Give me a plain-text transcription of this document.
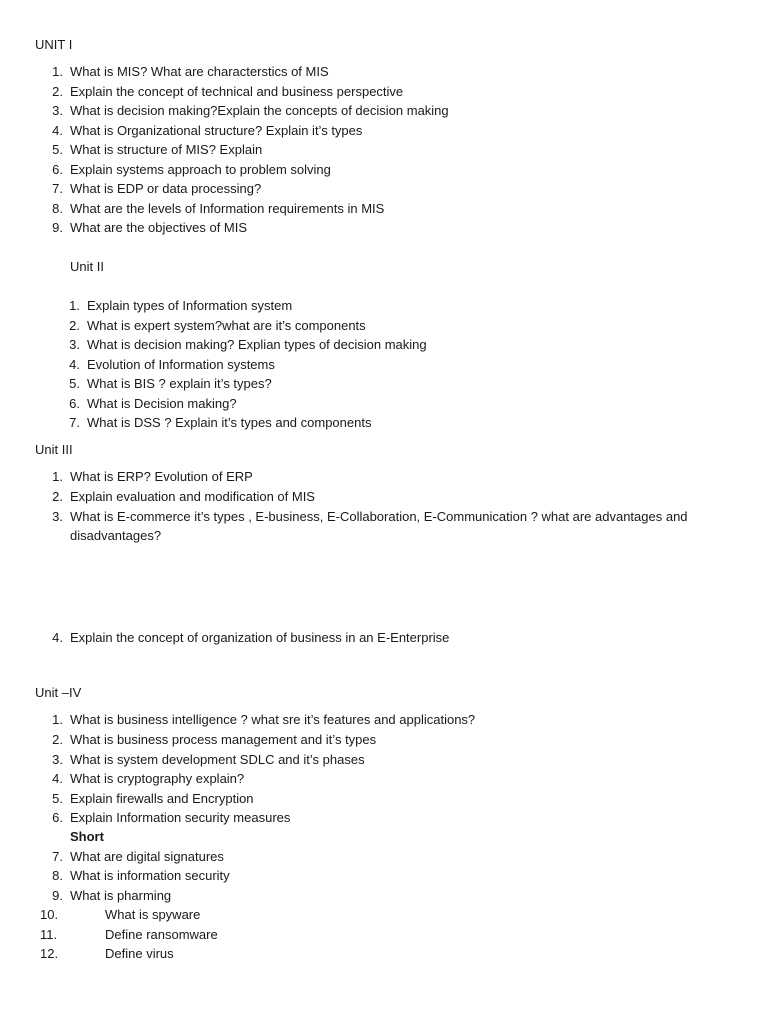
UNIT I
1. What is MIS? What are characterstics of MIS
2. Explain the concept of technical and business perspective
3. What is decision making?Explain the concepts of decision making
4. What is Organizational structure? Explain it’s types
5. What is structure of MIS? Explain
6. Explain systems approach to problem solving
7. What is EDP or data processing?
8. What are the levels of Information requirements in MIS
9. What are the objectives of MIS
Unit II
1. Explain types of Information system
2. What is expert system?what are it’s components
3. What is decision making? Explian types of decision making
4. Evolution of Information systems
5. What is BIS ? explain it’s types?
6. What is Decision making?
7. What is DSS ? Explain it’s types and components
Unit III
1. What is ERP? Evolution of ERP
2. Explain evaluation and modification of MIS
3. What is E-commerce it’s types , E-business, E-Collaboration, E-Communication ? what are advantages and
disadvantages?
4. Explain the concept of organization of business in an E-Enterprise
Unit –IV
1. What is business intelligence ? what sre it’s features and applications?
2. What is business process management and it’s types
3. What is system development SDLC and it’s phases
4. What is cryptography explain?
5. Explain firewalls and Encryption
6. Explain Information security measures
Short
7. What are digital signatures
8. What is information security
9. What is pharming
10.	What is spyware
11.	Define ransomware
12.	Define virus
